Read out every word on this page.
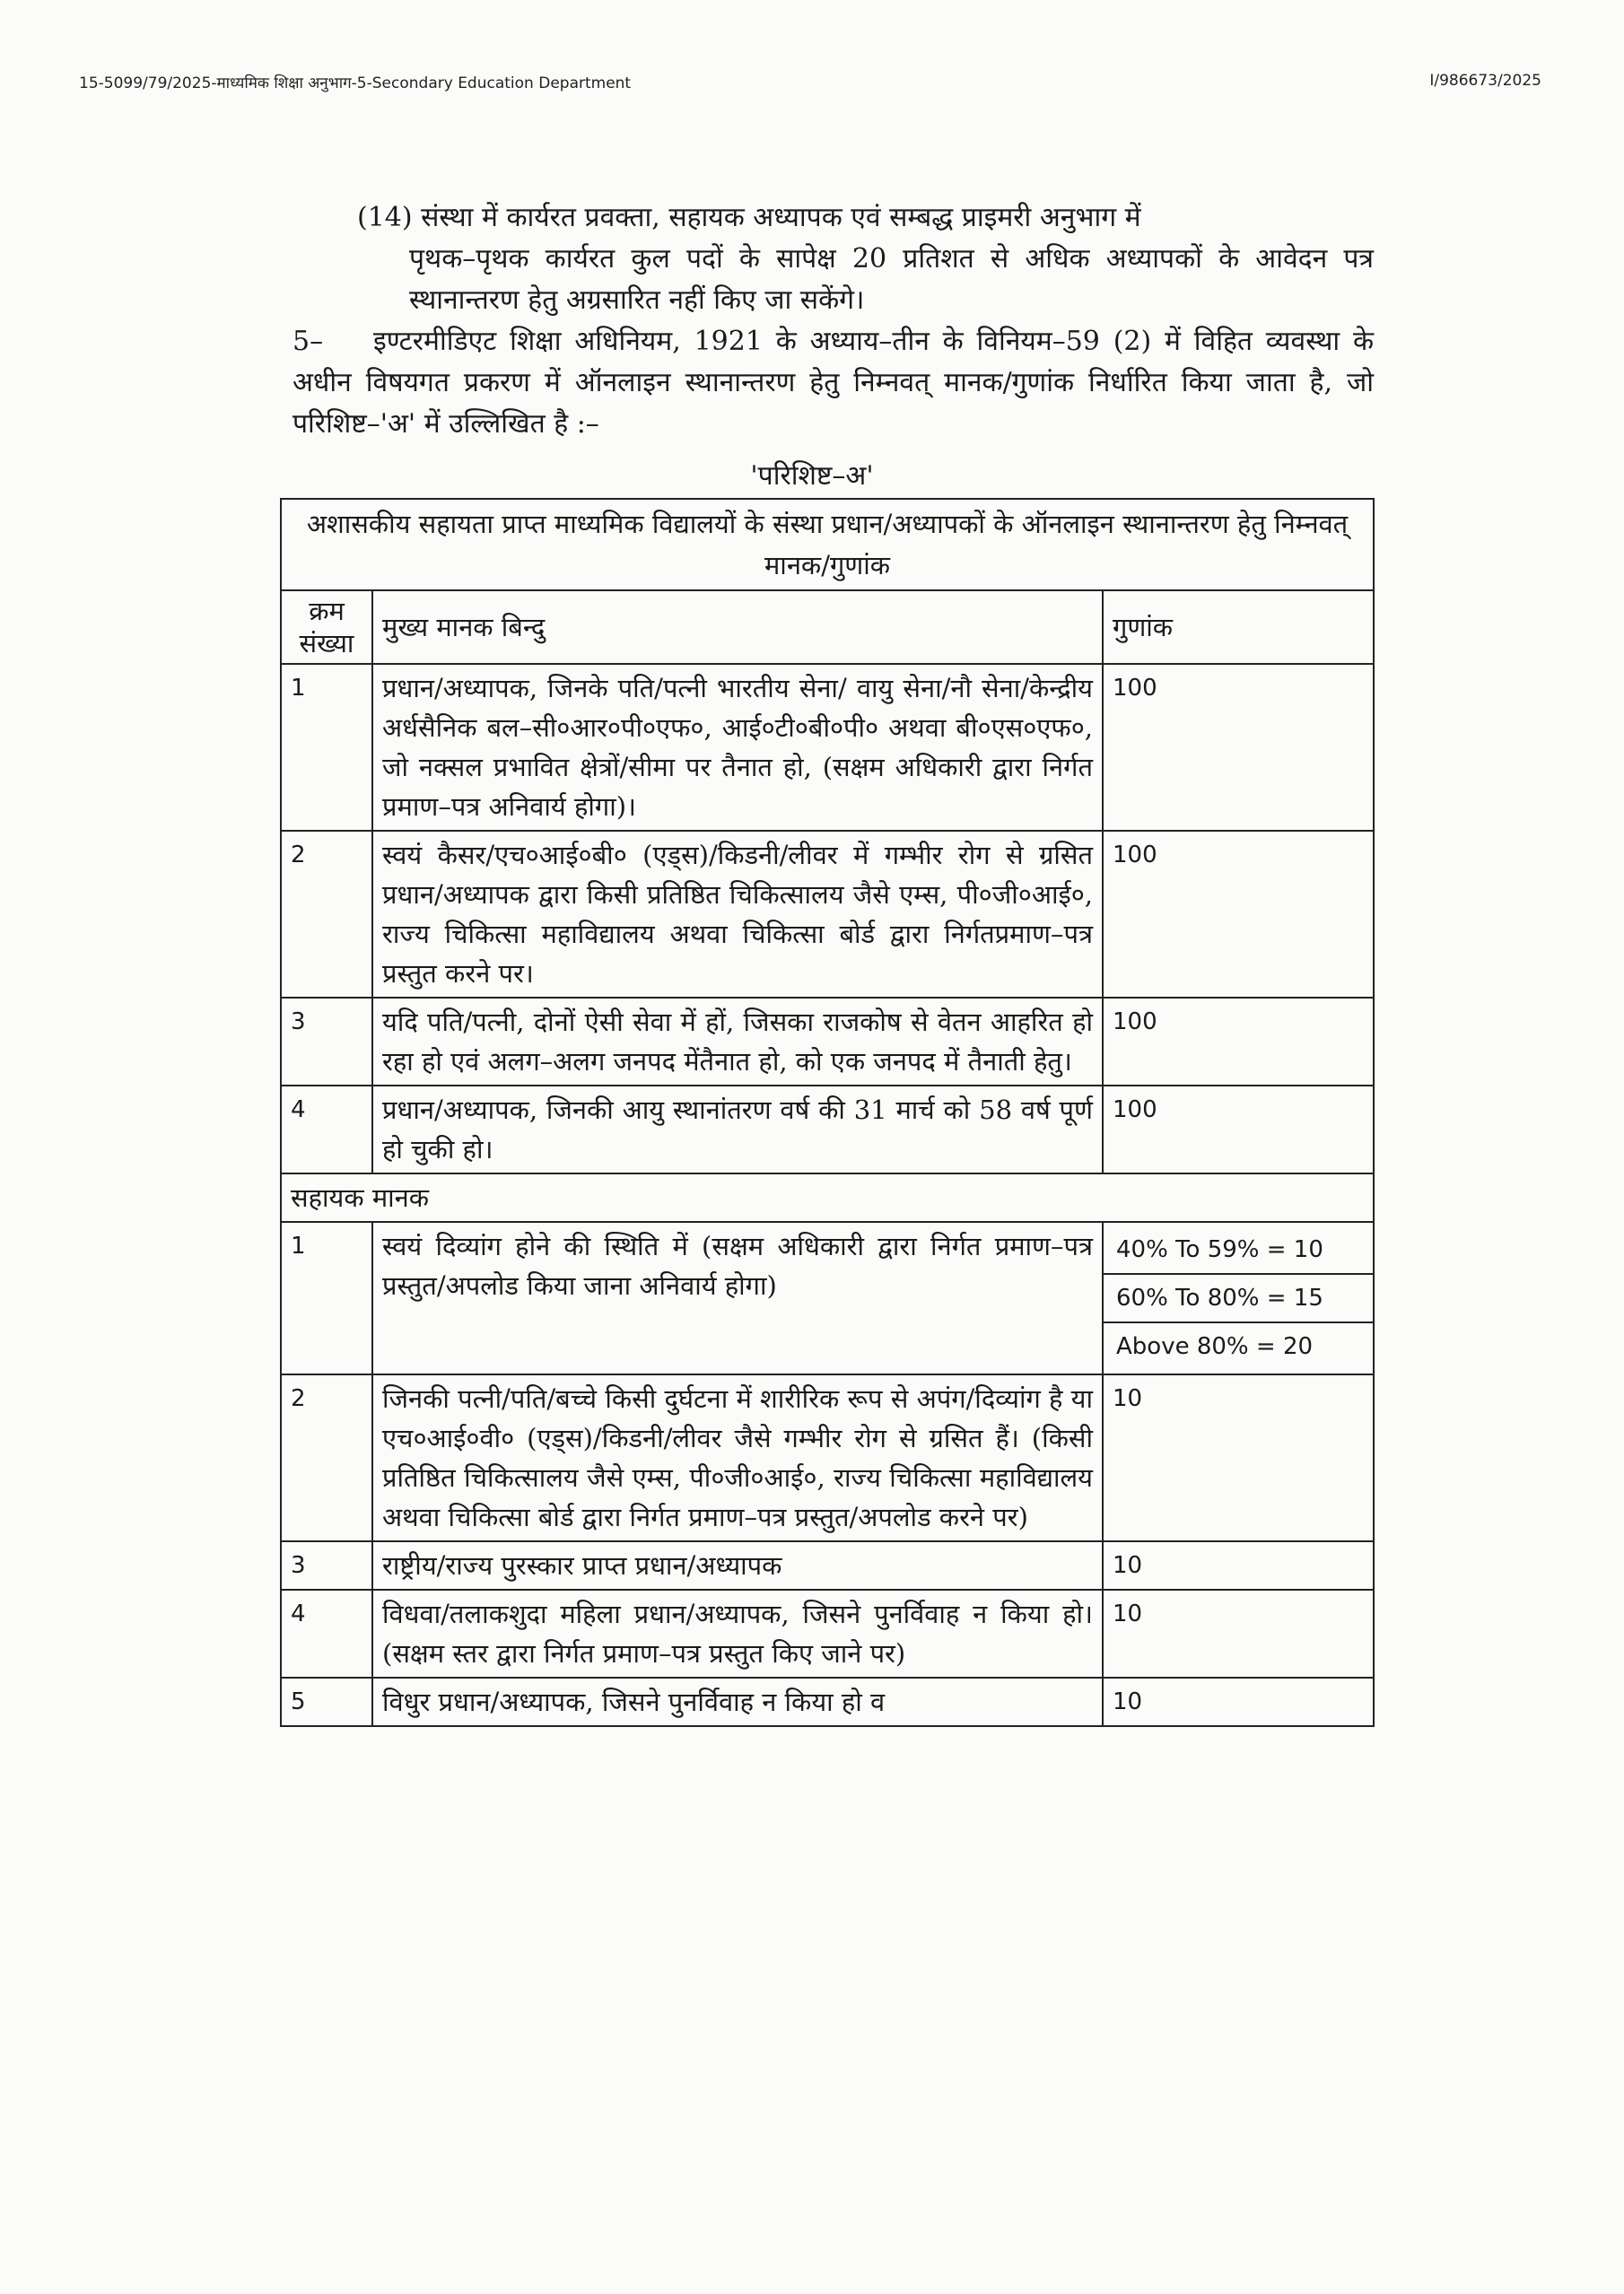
15-5099/79/2025-माध्यमिक शिक्षा अनुभाग-5-Secondary Education Department	I/986673/2025
(14) संस्था में कार्यरत प्रवक्ता, सहायक अध्यापक एवं सम्बद्ध प्राइमरी अनुभाग में
पृथक–पृथक कार्यरत कुल पदों के सापेक्ष 20 प्रतिशत से अधिक अध्यापकों के आवेदन पत्र स्थानान्तरण हेतु अग्रसारित नहीं किए जा सकेंगे।
5– इण्टरमीडिएट शिक्षा अधिनियम, 1921 के अध्याय–तीन के विनियम–59 (2) में विहित व्यवस्था के अधीन विषयगत प्रकरण में ऑनलाइन स्थानान्तरण हेतु निम्नवत् मानक/गुणांक निर्धारित किया जाता है, जो परिशिष्ट–'अ' में उल्लिखित है :–
'परिशिष्ट–अ'
अशासकीय सहायता प्राप्त माध्यमिक विद्यालयों के संस्था प्रधान/अध्यापकों के ऑनलाइन स्थानान्तरण हेतु निम्नवत् मानक/गुणांक		
क्रम संख्या	मुख्य मानक बिन्दु	गुणांक
1	प्रधान/अध्यापक, जिनके पति/पत्नी भारतीय सेना/ वायु सेना/नौ सेना/केन्द्रीय अर्धसैनिक बल–सी०आर०पी०एफ०, आई०टी०बी०पी० अथवा बी०एस०एफ०, जो नक्सल प्रभावित क्षेत्रों/सीमा पर तैनात हो, (सक्षम अधिकारी द्वारा निर्गत प्रमाण–पत्र अनिवार्य होगा)।	100
2	स्वयं कैसर/एच०आई०बी० (एड्स)/किडनी/लीवर में गम्भीर रोग से ग्रसित प्रधान/अध्यापक द्वारा किसी प्रतिष्ठित चिकित्सालय जैसे एम्स, पी०जी०आई०, राज्य चिकित्सा महाविद्यालय अथवा चिकित्सा बोर्ड द्वारा निर्गतप्रमाण–पत्र प्रस्तुत करने पर।	100
3	यदि पति/पत्नी, दोनों ऐसी सेवा में हों, जिसका राजकोष से वेतन आहरित हो रहा हो एवं अलग–अलग जनपद मेंतैनात हो, को एक जनपद में तैनाती हेतु।	100
4	प्रधान/अध्यापक, जिनकी आयु स्थानांतरण वर्ष की 31 मार्च को 58 वर्ष पूर्ण हो चुकी हो।	100
सहायक मानक		
1	स्वयं दिव्यांग होने की स्थिति में (सक्षम अधिकारी द्वारा निर्गत प्रमाण–पत्र प्रस्तुत/अपलोड किया जाना अनिवार्य होगा)	40% To 59% = 10
60% To 80% = 15
Above 80% = 20

2	जिनकी पत्नी/पति/बच्चे किसी दुर्घटना में शारीरिक रूप से अपंग/दिव्यांग है या एच०आई०वी० (एड्स)/किडनी/लीवर जैसे गम्भीर रोग से ग्रसित हैं। (किसी प्रतिष्ठित चिकित्सालय जैसे एम्स, पी०जी०आई०, राज्य चिकित्सा महाविद्यालय अथवा चिकित्सा बोर्ड द्वारा निर्गत प्रमाण–पत्र प्रस्तुत/अपलोड करने पर)	10
3	राष्ट्रीय/राज्य पुरस्कार प्राप्त प्रधान/अध्यापक	10
4	विधवा/तलाकशुदा महिला प्रधान/अध्यापक, जिसने पुनर्विवाह न किया हो। (सक्षम स्तर द्वारा निर्गत प्रमाण–पत्र प्रस्तुत किए जाने पर)	10
5	विधुर प्रधान/अध्यापक, जिसने पुनर्विवाह न किया हो व	10
